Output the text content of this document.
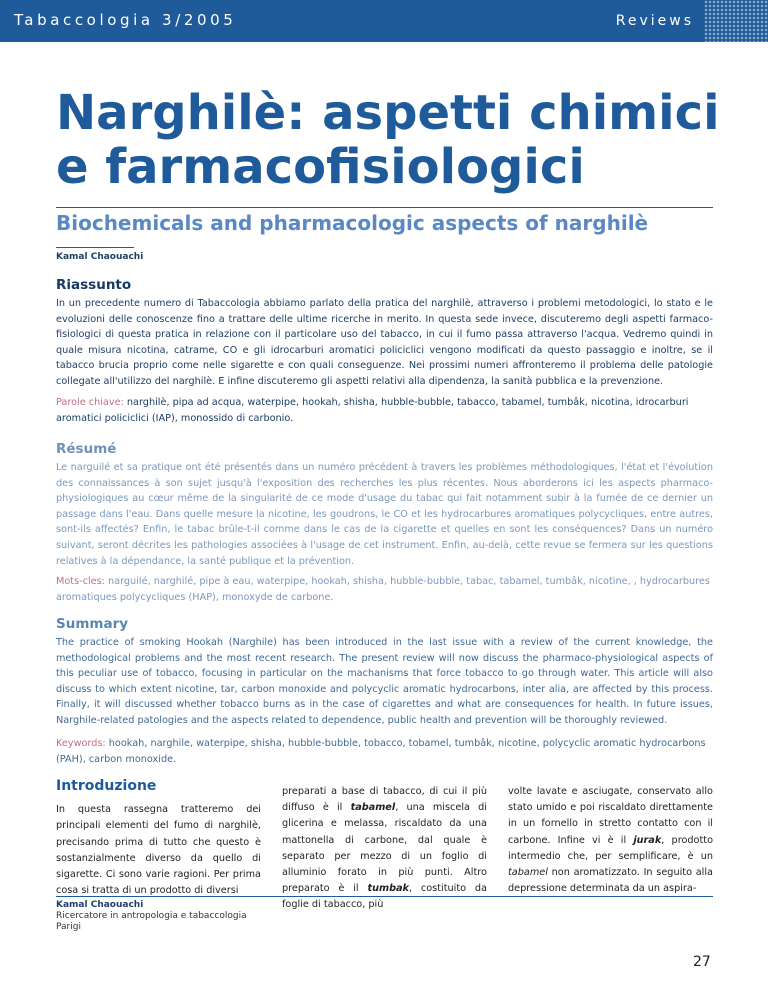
Tabaccologia 3/2005	Reviews
Narghilè: aspetti chimici e farmacofisiologici
Biochemicals and pharmacologic aspects of narghilè
Kamal Chaouachi
Riassunto

In un precedente numero di Tabaccologia abbiamo parlato della pratica del narghilè, attraverso i problemi metodologici, lo stato e le evoluzioni delle conoscenze fino a trattare delle ultime ricerche in merito. In questa sede invece, discuteremo degli aspetti farmaco-fisiologici di questa pratica in relazione con il particolare uso del tabacco, in cui il fumo passa attraverso l'acqua. Vedremo quindi in quale misura nicotina, catrame, CO e gli idrocarburi aromatici policiclici vengono modificati da questo passaggio e inoltre, se il tabacco brucia proprio come nelle sigarette e con quali conseguenze. Nei prossimi numeri affronteremo il problema delle patologie collegate all'utilizzo del narghilè. E infine discuteremo gli aspetti relativi alla dipendenza, la sanità pubblica e la prevenzione.

Parole chiave: narghilè, pipa ad acqua, waterpipe, hookah, shisha, hubble-bubble, tabacco, tabamel, tumbâk, nicotina, idrocarburi aromatici policiclici (IAP), monossido di carbonio.

Résumé

Le narguilé et sa pratique ont été présentés dans un numéro précédent à travers les problèmes méthodologiques, l'état et l'évolution des connaissances à son sujet jusqu'à l'exposition des recherches les plus récentes. Nous aborderons ici les aspects pharmaco-physiologiques au cœur même de la singularité de ce mode d'usage du tabac qui fait notamment subir à la fumée de ce dernier un passage dans l'eau. Dans quelle mesure la nicotine, les goudrons, le CO et les hydrocarbures aromatiques polycycliques, entre autres, sont-ils affectés? Enfin, le tabac brûle-t-il comme dans le cas de la cigarette et quelles en sont les conséquences? Dans un numéro suivant, seront décrites les pathologies associées à l'usage de cet instrument. Enfin, au-delà, cette revue se fermera sur les questions relatives à la dépendance, la santé publique et la prévention.

Mots-cles: narguilé, narghilé, pipe à eau, waterpipe, hookah, shisha, hubble-bubble, tabac, tabamel, tumbâk, nicotine, , hydrocarbures aromatiques polycycliques (HAP), monoxyde de carbone.

Summary

The practice of smoking Hookah (Narghile) has been introduced in the last issue with a review of the current knowledge, the methodological problems and the most recent research. The present review will now discuss the pharmaco-physiological aspects of this peculiar use of tobacco, focusing in particular on the machanisms that force tobacco to go through water. This article will also discuss to which extent nicotine, tar, carbon monoxide and polycyclic aromatic hydrocarbons, inter alia, are affected by this process. Finally, it will discussed whether tobacco burns as in the case of cigarettes and what are consequences for health. In future issues, Narghile-related patologies and the aspects related to dependence, public health and prevention will be thoroughly reviewed.

Keywords: hookah, narghile, waterpipe, shisha, hubble-bubble, tobacco, tobamel, tumbâk, nicotine, polycyclic aromatic hydrocarbons (PAH), carbon monoxide.

Introduzione

In questa rassegna tratteremo dei principali elementi del fumo di narghilè, precisando prima di tutto che questo è sostanzialmente diverso da quello di sigarette. Ci sono varie ragioni. Per prima cosa si tratta di un prodotto di diversi

preparati a base di tabacco, di cui il più diffuso è il tabamel, una miscela di glicerina e melassa, riscaldato da una mattonella di carbone, dal quale è separato per mezzo di un foglio di alluminio forato in più punti. Altro preparato è il tumbak, costituito da foglie di tabacco, più

volte lavate e asciugate, conservato allo stato umido e poi riscaldato direttamente in un fornello in stretto contatto con il carbone. Infine vi è il jurak, prodotto intermedio che, per semplificare, è un tabamel non aromatizzato. In seguito alla depressione determinata da un aspira-

Kamal Chaouachi
Ricercatore in antropologia e tabaccologia
Parigi
27
